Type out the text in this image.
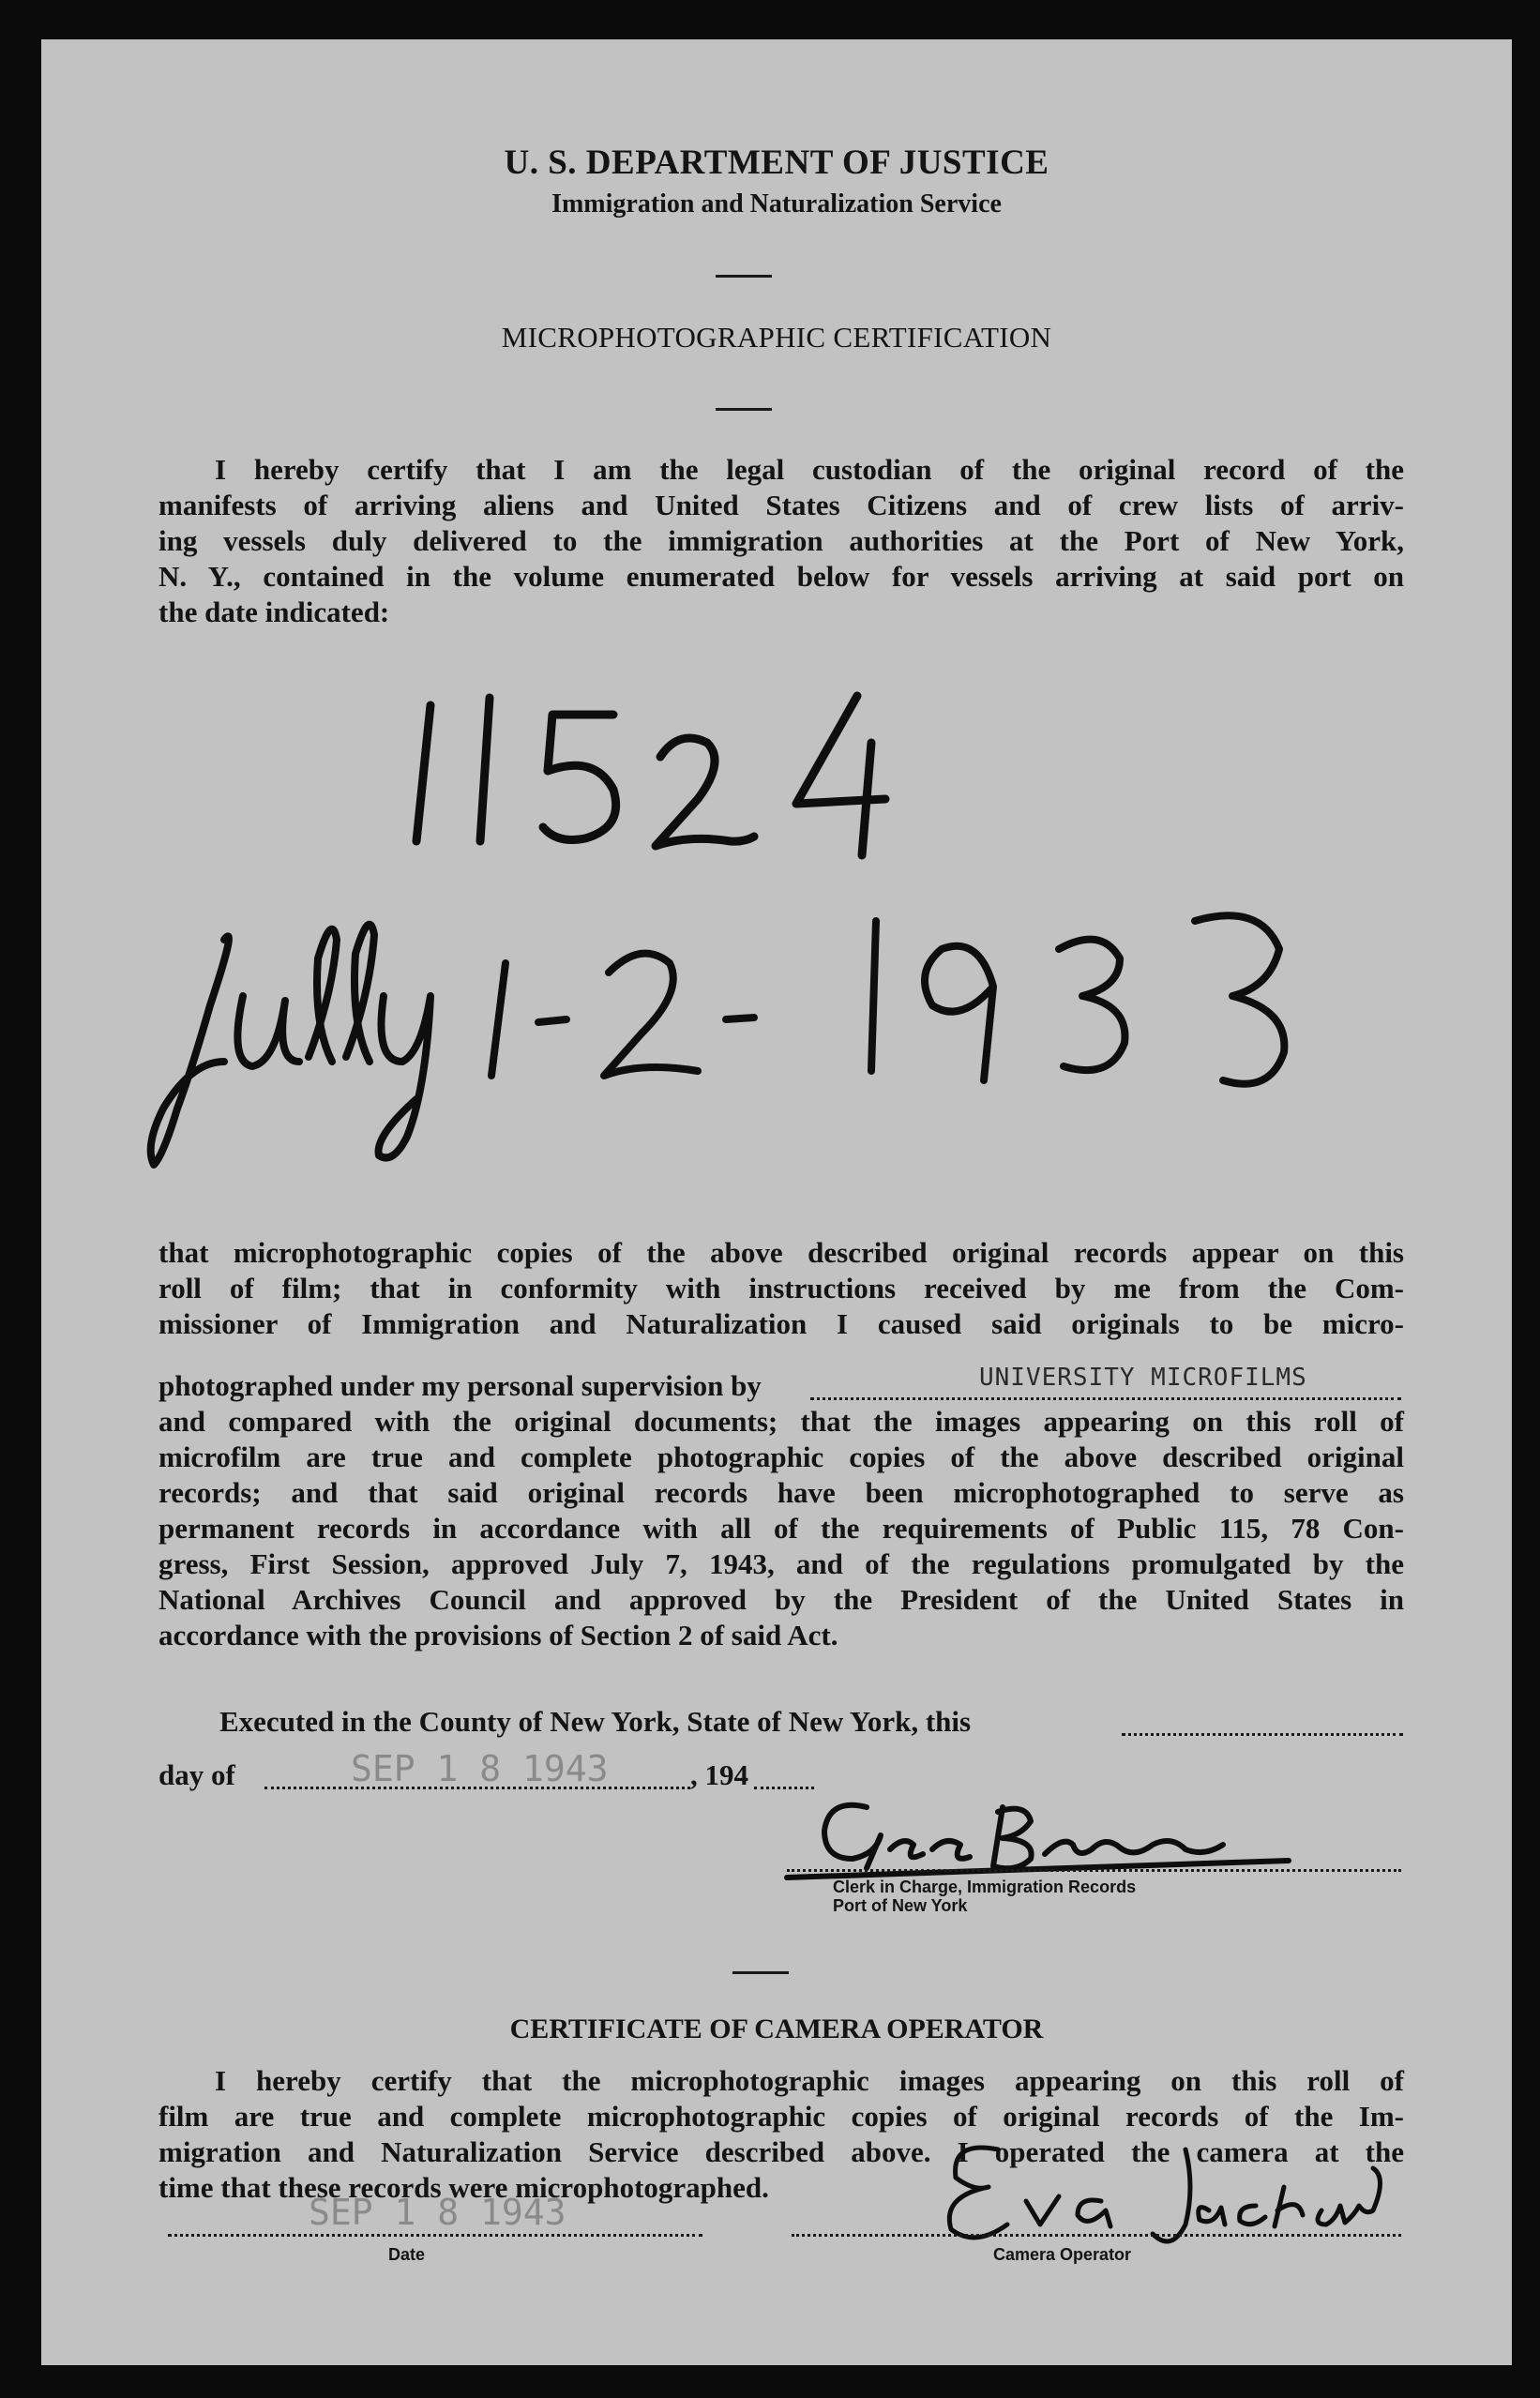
U. S. DEPARTMENT OF JUSTICE
Immigration and Naturalization Service
MICROPHOTOGRAPHIC CERTIFICATION
I hereby certify that I am the legal custodian of the original record of the
manifests of arriving aliens and United States Citizens and of crew lists of arriv-
ing vessels duly delivered to the immigration authorities at the Port of New York,
N. Y., contained in the volume enumerated below for vessels arriving at said port on
the date indicated:
that microphotographic copies of the above described original records appear on this
roll of film; that in conformity with instructions received by me from the Com-
missioner of Immigration and Naturalization I caused said originals to be micro-
photographed under my personal supervision by	UNIVERSITY MICROFILMS
and compared with the original documents; that the images appearing on this roll of
microfilm are true and complete photographic copies of the above described original
records; and that said original records have been microphotographed to serve as
permanent records in accordance with all of the requirements of Public 115, 78 Con-
gress, First Session, approved July 7, 1943, and of the regulations promulgated by the
National Archives Council and approved by the President of the United States in
accordance with the provisions of Section 2 of said Act.
Executed in the County of New York, State of New York, this
day of	SEP 1 8 1943	, 194
Clerk in Charge, Immigration Records
Port of New York
CERTIFICATE OF CAMERA OPERATOR
I hereby certify that the microphotographic images appearing on this roll of
film are true and complete microphotographic copies of original records of the Im-
migration and Naturalization Service described above. I operated the camera at the
time that these records were microphotographed.
SEP 1 8 1943
Date	Camera Operator
